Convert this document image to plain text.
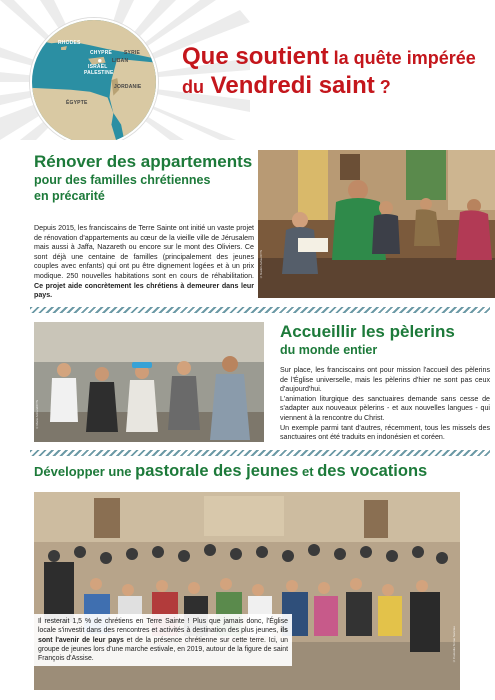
RHODES
CHYPRE SYRIE
LIBAN
ISRAËL
PALESTINE
JORDANIE
ÉGYPTE
Que soutient la quête impérée
du Vendredi saint ?
Rénover des appartements
pour des familles chrétiennes
en précarité
Depuis 2015, les franciscains de Terre Sainte ont initié un vaste projet de rénovation d'appartements au cœur de la vieille ville de Jérusalem mais aussi à Jaffa, Nazareth ou encore sur le mont des Oliviers. Ce sont déjà une centaine de familles (principalement des jeunes couples avec enfants) qui ont pu être dignement logées et à un prix modique. 250 nouvelles habitations sont en cours de réhabilitation. Ce projet aide concrètement les chrétiens à demeurer dans leur pays.
©Nadim Asfour/CTS
©Marie Armand/CTS
Accueillir les pèlerins
du monde entier
Sur place, les franciscains ont pour mission l'accueil des pèlerins de l'Église universelle, mais les pèlerins d'hier ne sont pas ceux d'aujourd'hui.
L'animation liturgique des sanctuaires demande sans cesse de s'adapter aux nouveaux pèlerins - et aux nouvelles langues - qui viennent à la rencontre du Christ.
Un exemple parmi tant d'autres, récemment, tous les missels des sanctuaires ont été traduits en indonésien et coréen.
Développer une pastorale des jeunes et des vocations
©Custodia Terrae Sanctae
Il resterait 1,5 % de chrétiens en Terre Sainte ! Plus que jamais donc, l'Église locale s'investit dans des rencontres et activités à destination des plus jeunes, ils sont l'avenir de leur pays et de la présence chrétienne sur cette terre. Ici, un groupe de jeunes lors d'une marche estivale, en 2019, autour de la figure de saint François d'Assise.
